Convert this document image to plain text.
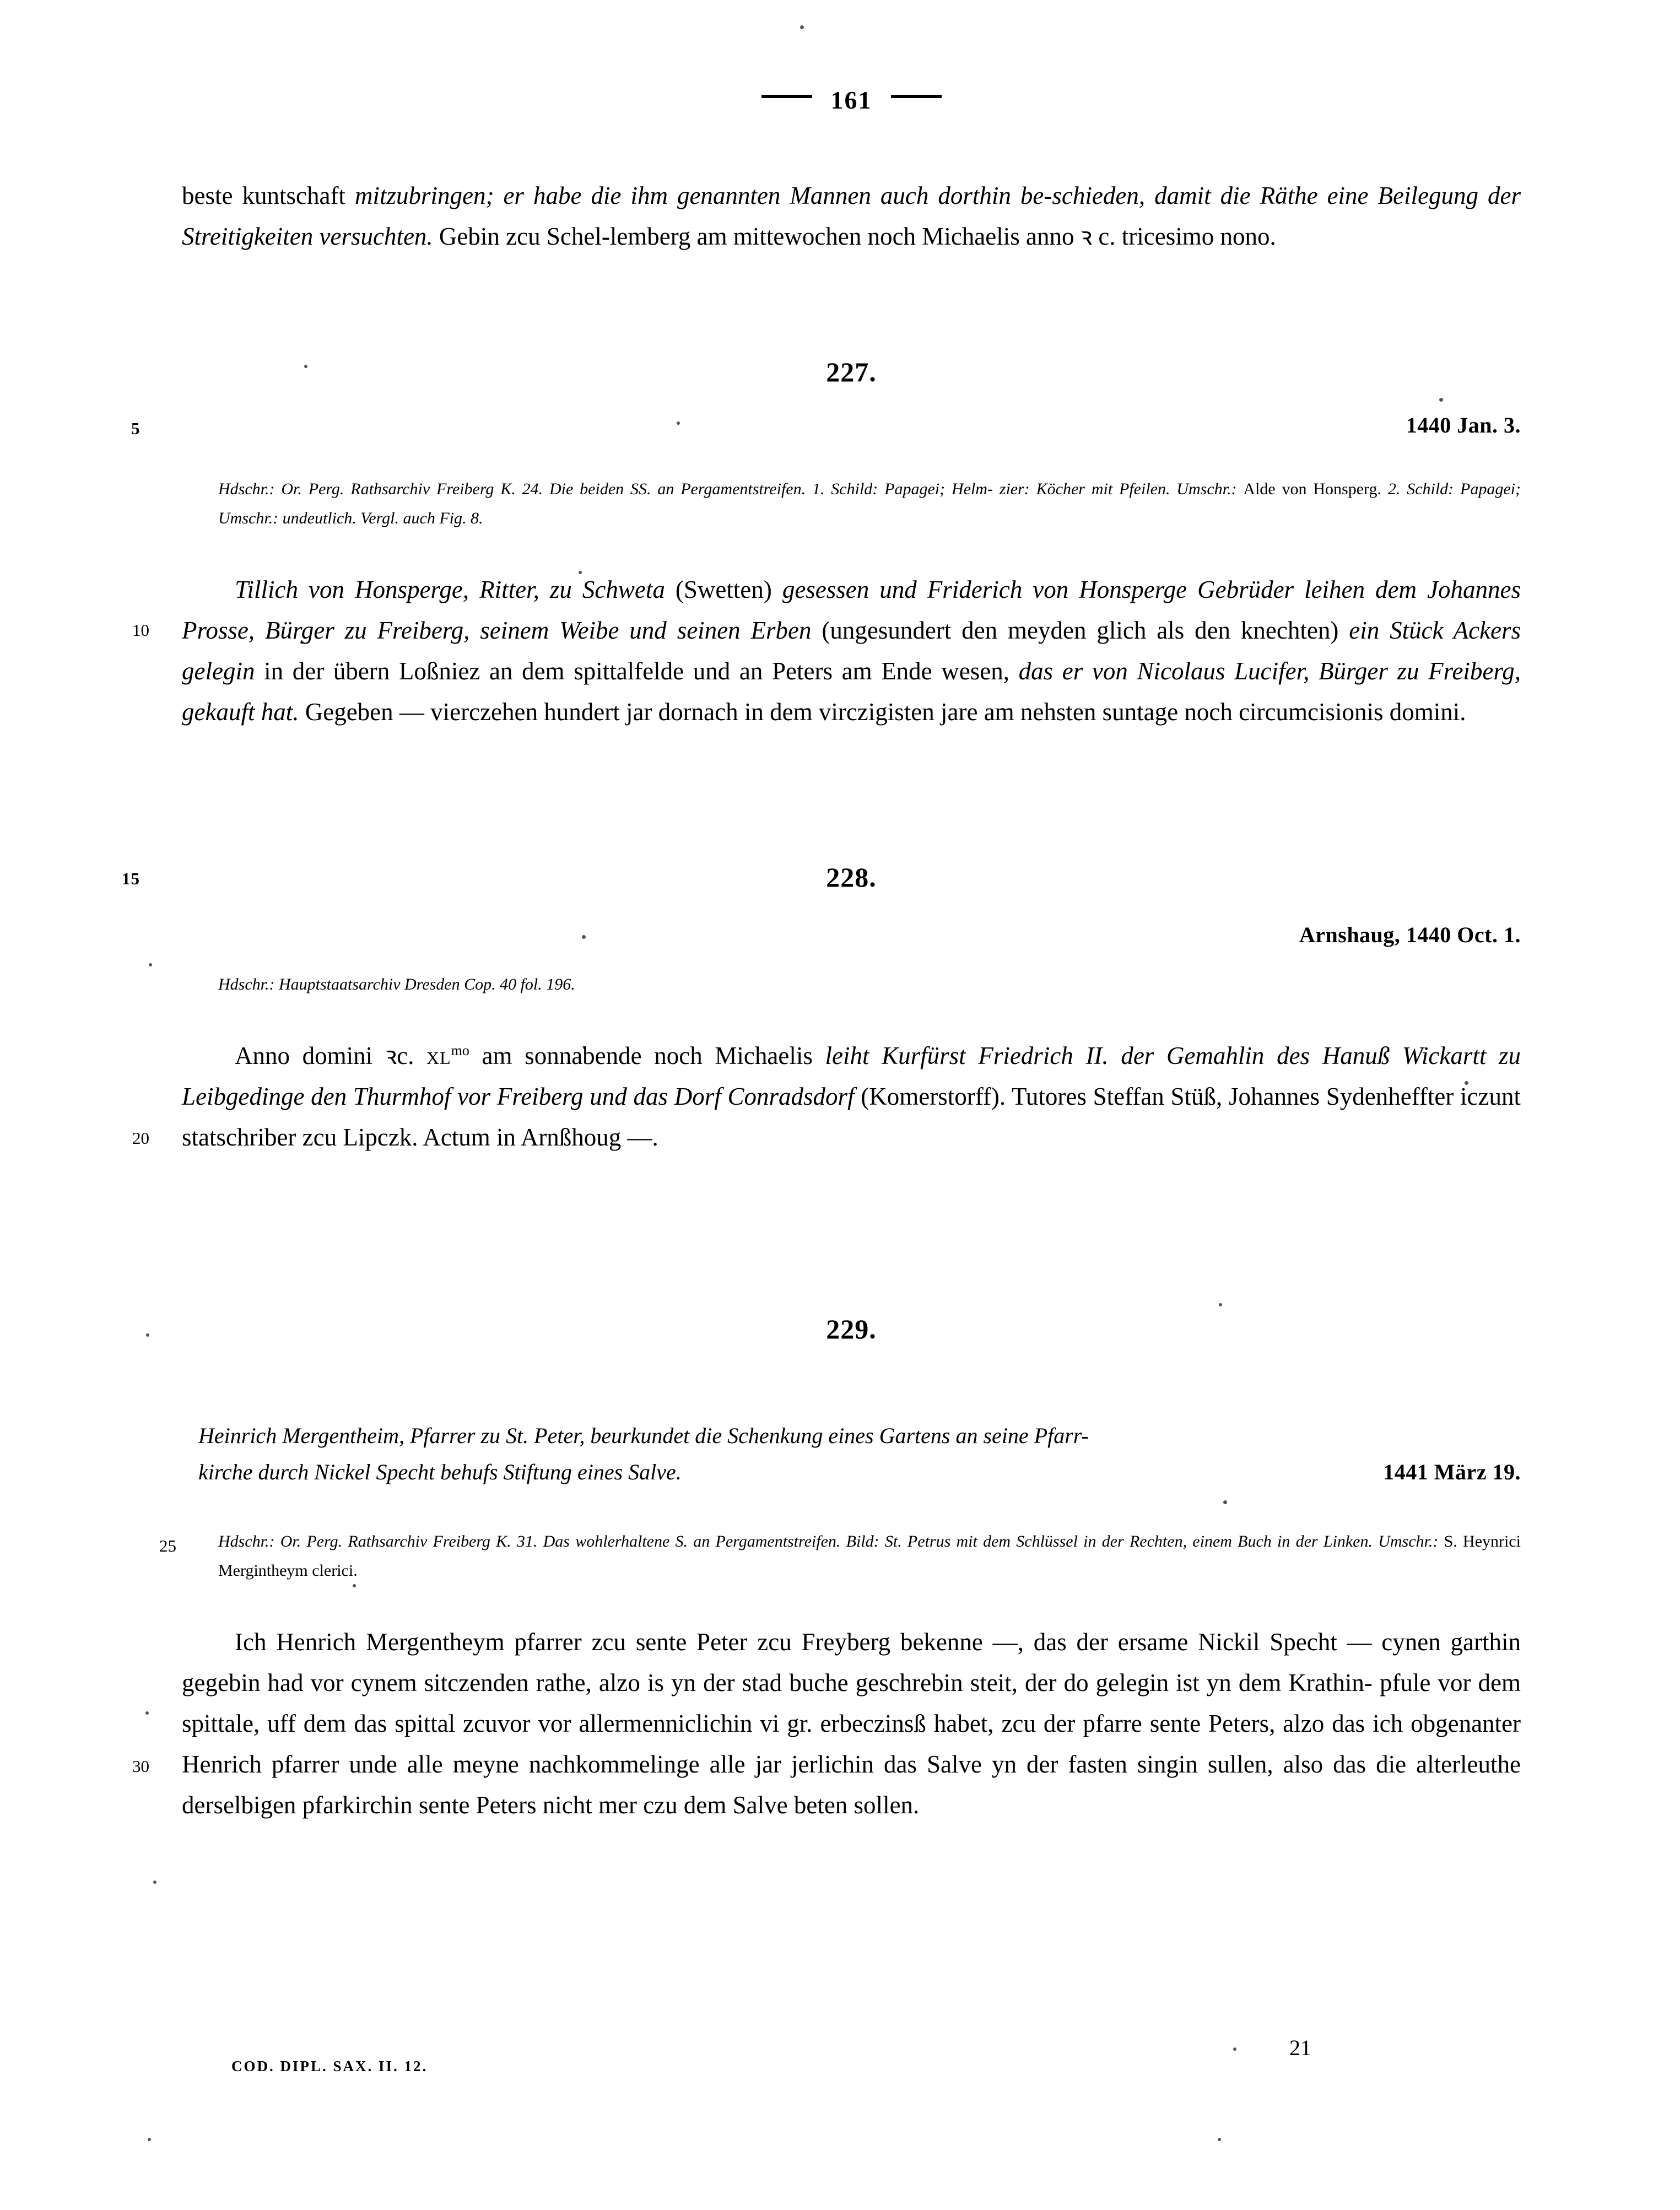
161

beste kuntschaft mitzubringen; er habe die ihm genannten Mannen auch dorthin be-schieden, damit die Räthe eine Beilegung der Streitigkeiten versuchten. Gebin zcu Schel-lemberg am mittewochen noch Michaelis anno ꝛ c. tricesimo nono.

227.
5	1440 Jan. 3.
Hdschr.: Or. Perg. Rathsarchiv Freiberg K. 24. Die beiden SS. an Pergamentstreifen. 1. Schild: Papagei; Helm- zier: Köcher mit Pfeilen. Umschr.: Alde von Honsperg. 2. Schild: Papagei; Umschr.: undeutlich. Vergl. auch Fig. 8.

10
Tillich von Honsperge, Ritter, zu Schweta (Swetten) gesessen und Friderich von Honsperge Gebrüder leihen dem Johannes Prosse, Bürger zu Freiberg, seinem Weibe und seinen Erben (ungesundert den meyden glich als den knechten) ein Stück Ackers gelegin in der übern Loßniez an dem spittalfelde und an Peters am Ende wesen, das er von Nicolaus Lucifer, Bürger zu Freiberg, gekauft hat. Gegeben — vierczehen hundert jar dornach in dem virczigisten jare am nehsten suntage noch circumcisionis domini.

15	228.
Arnshaug, 1440 Oct. 1.
Hdschr.: Hauptstaatsarchiv Dresden Cop. 40 fol. 196.

20
Anno domini ꝛc. $xl^{mo}$ am sonnabende noch Michaelis leiht Kurfürst Friedrich II. der Gemahlin des Hanuß Wickartt zu Leibgedinge den Thurmhof vor Freiberg und das Dorf Conradsdorf (Komerstorff). Tutores Steffan Stüß, Johannes Sydenheffter iczunt statschriber zcu Lipczk. Actum in Arnßhoug —.

229.
Heinrich Mergentheim, Pfarrer zu St. Peter, beurkundet die Schenkung eines Gartens an seine Pfarr-
kirche durch Nickel Specht behufs Stiftung eines Salve.	1441 März 19.
25	Hdschr.: Or. Perg. Rathsarchiv Freiberg K. 31. Das wohlerhaltene S. an Pergamentstreifen. Bild: St. Petrus mit dem Schlüssel in der Rechten, einem Buch in der Linken. Umschr.: S. Heynrici Mergintheym clerici.

30
Ich Henrich Mergentheym pfarrer zcu sente Peter zcu Freyberg bekenne —, das der ersame Nickil Specht — cynen garthin gegebin had vor cynem sitczenden rathe, alzo is yn der stad buche geschrebin steit, der do gelegin ist yn dem Krathin- pfule vor dem spittale, uff dem das spittal zcuvor vor allermenniclichin vi gr. erbeczinsß habet, zcu der pfarre sente Peters, alzo das ich obgenanter Henrich pfarrer unde alle meyne nachkommelinge alle jar jerlichin das Salve yn der fasten singin sullen, also das die alterleuthe derselbigen pfarkirchin sente Peters nicht mer czu dem Salve beten sollen.

COD. DIPL. SAX. II. 12.
21
